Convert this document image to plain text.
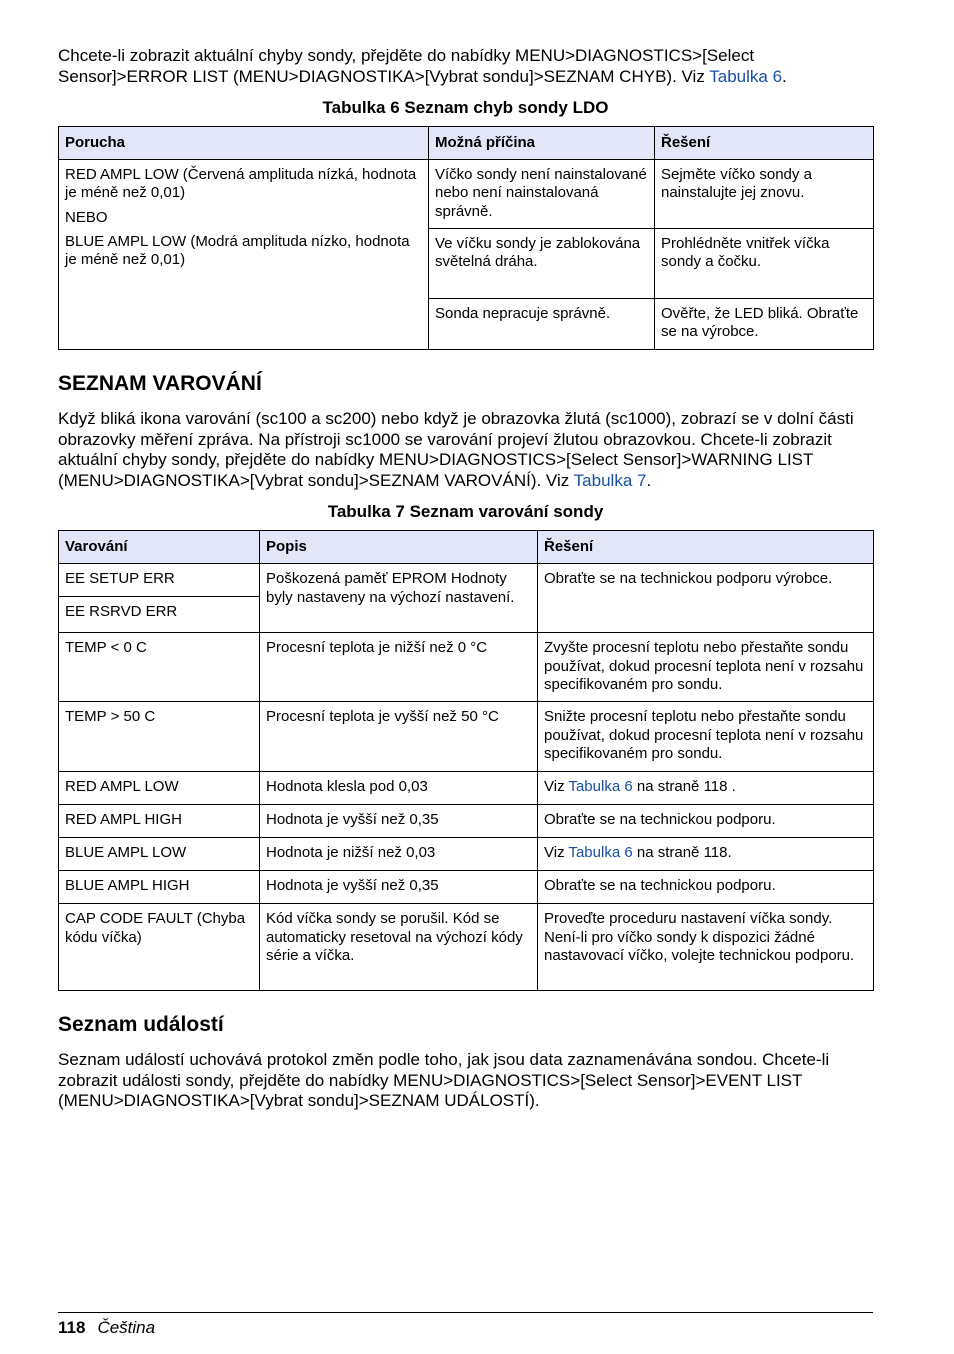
Chcete-li zobrazit aktuální chyby sondy, přejděte do nabídky MENU>DIAGNOSTICS>[Select Sensor]>ERROR LIST (MENU>DIAGNOSTIKA>[Vybrat sondu]>SEZNAM CHYB). Viz Tabulka 6.

Tabulka 6 Seznam chyb sondy LDO

Porucha	Možná příčina	Řešení

RED AMPL LOW (Červená amplituda nízká, hodnota je méně než 0,01)
NEBO
BLUE AMPL LOW (Modrá amplituda nízko, hodnota je méně než 0,01)	Víčko sondy není nainstalované nebo není nainstalovaná správně.	Sejměte víčko sondy a nainstalujte jej znovu.
	Ve víčku sondy je zablokována světelná dráha.	Prohlédněte vnitřek víčka sondy a čočku.
	Sonda nepracuje správně.	Ověřte, že LED bliká. Obraťte se na výrobce.
SEZNAM VAROVÁNÍ

Když bliká ikona varování (sc100 a sc200) nebo když je obrazovka žlutá (sc1000), zobrazí se v dolní části obrazovky měření zpráva. Na přístroji sc1000 se varování projeví žlutou obrazovkou. Chcete-li zobrazit aktuální chyby sondy, přejděte do nabídky MENU>DIAGNOSTICS>[Select Sensor]>WARNING LIST (MENU>DIAGNOSTIKA>[Vybrat sondu]>SEZNAM VAROVÁNÍ). Viz Tabulka 7.

Tabulka 7 Seznam varování sondy

Varování	Popis	Řešení
EE SETUP ERR	Poškozená paměť EPROM Hodnoty byly nastaveny na výchozí nastavení.	Obraťte se na technickou podporu výrobce.
EE RSRVD ERR		
TEMP < 0 C	Procesní teplota je nižší než 0 °C	Zvyšte procesní teplotu nebo přestaňte sondu používat, dokud procesní teplota není v rozsahu specifikovaném pro sondu.
TEMP > 50 C	Procesní teplota je vyšší než 50 °C	Snižte procesní teplotu nebo přestaňte sondu používat, dokud procesní teplota není v rozsahu specifikovaném pro sondu.
RED AMPL LOW	Hodnota klesla pod 0,03	Viz Tabulka 6 na straně 118 .
RED AMPL HIGH	Hodnota je vyšší než 0,35	Obraťte se na technickou podporu.
BLUE AMPL LOW	Hodnota je nižší než 0,03	Viz Tabulka 6 na straně 118.
BLUE AMPL HIGH	Hodnota je vyšší než 0,35	Obraťte se na technickou podporu.
CAP CODE FAULT (Chyba kódu víčka)	Kód víčka sondy se porušil. Kód se automaticky resetoval na výchozí kódy série a víčka.	Proveďte proceduru nastavení víčka sondy. Není-li pro víčko sondy k dispozici žádné nastavovací víčko, volejte technickou podporu.
Seznam událostí

Seznam událostí uchovává protokol změn podle toho, jak jsou data zaznamenávána sondou. Chcete-li zobrazit události sondy, přejděte do nabídky MENU>DIAGNOSTICS>[Select Sensor]>EVENT LIST (MENU>DIAGNOSTIKA>[Vybrat sondu]>SEZNAM UDÁLOSTÍ).

118 Čeština
